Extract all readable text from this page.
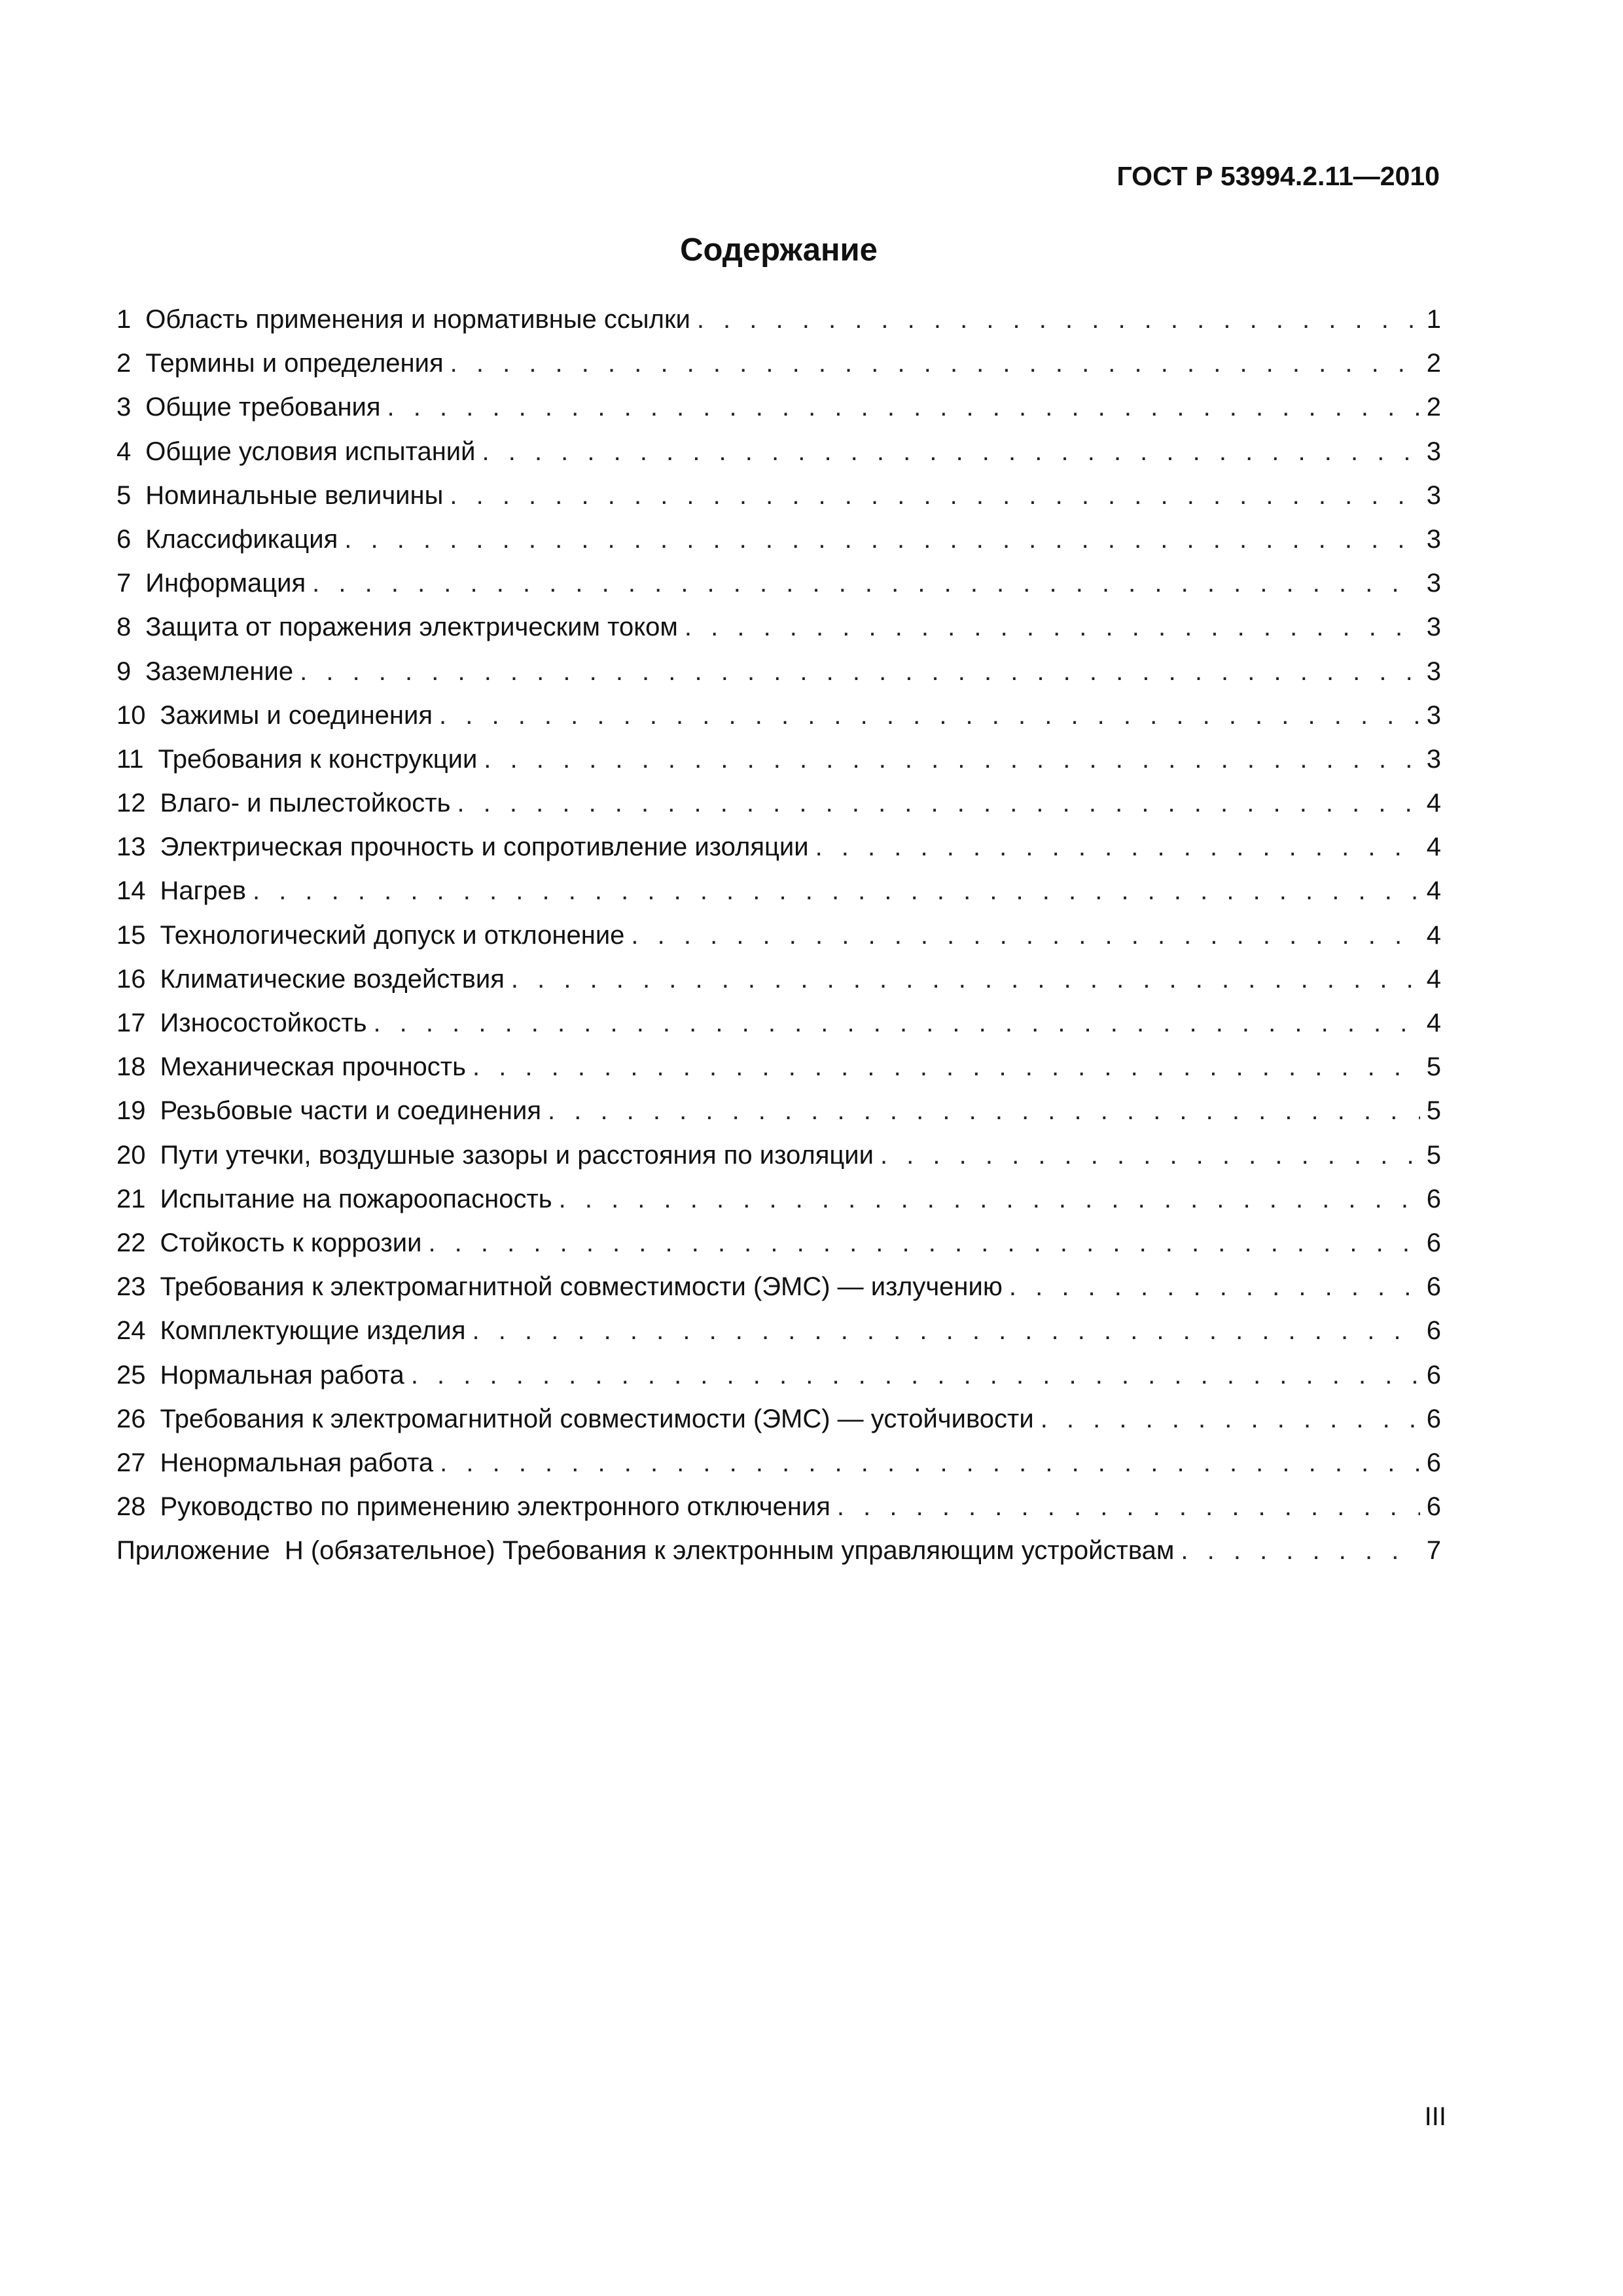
ГОСТ Р 53994.2.11—2010
Содержание
1 Область применения и нормативные ссылки . . .	1
2 Термины и определения . . .	2
3 Общие требования . . .	2
4 Общие условия испытаний . . .	3
5 Номинальные величины . . .	3
6 Классификация . . .	3
7 Информация . . .	3
8 Защита от поражения электрическим током . . .	3
9 Заземление . . .	3
10 Зажимы и соединения . . .	3
11 Требования к конструкции . . .	3
12 Влаго- и пылестойкость . . .	4
13 Электрическая прочность и сопротивление изоляции . . .	4
14 Нагрев . . .	4
15 Технологический допуск и отклонение . . .	4
16 Климатические воздействия . . .	4
17 Износостойкость . . .	4
18 Механическая прочность . . .	5
19 Резьбовые части и соединения . . .	5
20 Пути утечки, воздушные зазоры и расстояния по изоляции . . .	5
21 Испытание на пожароопасность . . .	6
22 Стойкость к коррозии . . .	6
23 Требования к электромагнитной совместимости (ЭМС) — излучению . . .	6
24 Комплектующие изделия . . .	6
25 Нормальная работа . . .	6
26 Требования к электромагнитной совместимости (ЭМС) — устойчивости . . .	6
27 Ненормальная работа . . .	6
28 Руководство по применению электронного отключения . . .	6
Приложение  Н (обязательное) Требования к электронным управляющим устройствам . . .	7
III
